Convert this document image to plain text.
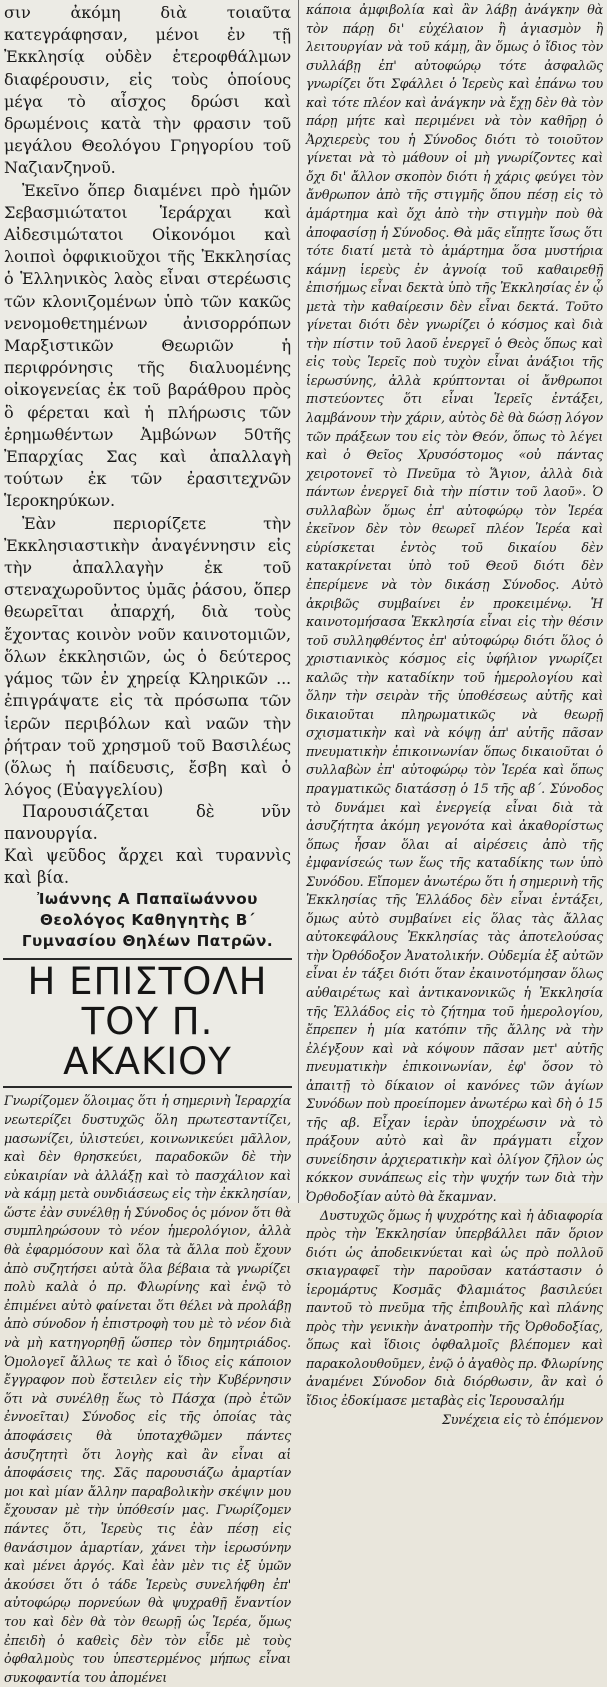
σιν ἀκόμη διὰ τοιαῦτα κατεγράφησαν, μένοι ἐν τῇ Ἐκκλησίᾳ οὐδὲν ἑτεροφθάλμων διαφέρουσιν, εἰς τοὺς ὁποίους μέγα τὸ αἶσχος δρώσι καὶ δρωμένοις κατὰ τὴν φρασιν τοῦ μεγάλου Θεολόγου Γρηγορίου τοῦ Ναζιανζηνοῦ.

Ἐκεῖνο ὅπερ διαμένει πρὸ ἡμῶν Σεβασμιώτατοι Ἱεράρχαι καὶ Αἰδεσιμώτατοι Οἰκονόμοι καὶ λοιποὶ ὀφφικιοῦχοι τῆς Ἐκκλησίας ὁ Ἑλληνικὸς λαὸς εἶναι στερέωσις τῶν κλονιζομένων ὑπὸ τῶν κακῶς νενομοθετημένων ἀνισορρόπων Μαρξιστικῶν Θεωριῶν ἡ περιφρόνησις τῆς διαλυομένης οἰκογενείας ἐκ τοῦ βαράθρου πρὸς ὃ φέρεται καὶ ἡ πλήρωσις τῶν ἐρημωθέντων Ἀμβώνων 50τῆς Ἐπαρχίας Σας καὶ ἀπαλλαγὴ τούτων ἐκ τῶν ἐρασιτεχνῶν Ἱεροκηρύκων.

Ἐὰν περιορίζετε τὴν Ἐκκλησιαστικὴν ἀναγέννησιν εἰς τὴν ἀπαλλαγὴν ἐκ τοῦ στεναχωροῦντος ὑμᾶς ῥάσου, ὅπερ θεωρεῖται ἀπαρχή, διὰ τοὺς ἔχοντας κοινὸν νοῦν καινοτομιῶν, ὅλων ἐκκλησιῶν, ὡς ὁ δεύτερος γάμος τῶν ἐν χηρείᾳ Κληρικῶν ... ἐπιγράψατε εἰς τὰ πρόσωπα τῶν ἱερῶν περιβόλων καὶ ναῶν τὴν ῥήτραν τοῦ χρησμοῦ τοῦ Βασιλέως (ὅλως ἡ παίδευσις, ἔσβη καὶ ὁ λόγος (Εὐαγγελίου)

Παρουσιάζεται δὲ νῦν πανουργία.

Καὶ ψεῦδος ἄρχει καὶ τυραννὶς καὶ βία.

Ἰωάννης Α Παπαϊωάννου Θεολόγος Καθηγητὴς Β΄ Γυμνασίου Θηλέων Πατρῶν.
Η ΕΠΙΣΤΟΛΗ ΤΟΥ Π. ΑΚΑΚΙΟΥ
Γνωρίζομεν ὅλοιμας ὅτι ἡ σημερινὴ Ἱεραρχία νεωτερίζει δυστυχῶς ὅλη πρωτεσταντίζει, μασωνίζει, ὑλιστεύει, κοινωνικεύει μᾶλλον, καὶ δὲν θρησκεύει, παραδοκῶν δὲ τὴν εὐκαιρίαν νὰ ἀλλάξῃ καὶ τὸ πασχάλιον καὶ νὰ κάμῃ μετὰ ουνδιάσεως εἰς τὴν ἐκκλησίαν, ὥστε ἐὰν συνέλθῃ ἡ Σύνοδος ὁς μόνον ὅτι θὰ συμπληρώσουν τὸ νέον ἡμερολόγιον, ἀλλὰ θὰ ἐφαρμόσουν καὶ ὅλα τὰ ἄλλα ποὺ ἔχουν ἀπὸ συζητήσει αὐτὰ ὅλα βέβαια τὰ γνωρίζει πολὺ καλὰ ὁ πρ. Φλωρίνης καὶ ἐνῷ τὸ ἐπιμένει αὐτὸ φαίνεται ὅτι θέλει νὰ προλάβῃ ἀπὸ σύνοδον ἡ ἐπιστροφὴ του μὲ τὸ νέον διὰ νὰ μὴ κατηγορηθῇ ὥσπερ τὸν δημητριάδος. Ὁμολογεῖ ἄλλως τε καὶ ὁ ἴδιος εἰς κάποιον ἔγγραφον ποὺ ἔστειλεν εἰς τὴν Κυβέρνησιν ὅτι νὰ συνέλθῃ ἕως τὸ Πάσχα (πρὸ ἐτῶν ἐννοεῖται) Σύνοδος εἰς τῆς ὁποίας τὰς ἀποφάσεις θὰ ὑποταχθῶμεν πάντες ἀσυζητητὶ ὅτι λογὴς καὶ ἂν εἶναι αἱ ἀποφάσεις της. Σᾶς παρουσιάζω ἀμαρτίαν μοι καὶ μίαν ἄλλην παραβολικὴν σκέψιν μου ἔχουσαν μὲ τὴν ὑπόθεσίν μας. Γνωρίζομεν πάντες ὅτι, Ἱερεὺς τις ἐὰν πέσῃ εἰς θανάσιμον ἁμαρτίαν, χάνει τὴν ἱερωσύνην καὶ μένει ἀργός. Καὶ ἐὰν μὲν τις ἐξ ὑμῶν ἀκούσει ὅτι ὁ τάδε Ἱερεὺς συνελήφθη ἐπ' αὐτοφώρῳ πορνεύων θὰ ψυχραθῇ ἔναντίον του καὶ δὲν θὰ τὸν θεωρῇ ὡς Ἱερέα, ὅμως ἐπειδὴ ὁ καθεὶς δὲν τὸν εἶδε μὲ τοὺς ὀφθαλμοὺς του ὑπεστερμένος μήπως εἶναι συκοφαντία του ἀπομένει

κάποια ἀμφιβολία καὶ ἂν λάβῃ ἀνάγκην θὰ τὸν πάρῃ δι' εὐχέλαιον ἢ ἁγιασμὸν ἢ λειτουργίαν νὰ τοῦ κάμῃ, ἂν ὅμως ὁ ἴδιος τὸν συλλάβῃ ἐπ' αὐτοφώρῳ τότε ἀσφαλῶς γνωρίζει ὅτι Σφάλλει ὁ Ἱερεὺς καὶ ἐπάνω του καὶ τότε πλέον καὶ ἀνάγκην νὰ ἔχῃ δὲν θὰ τὸν πάρῃ μήτε καὶ περιμένει νὰ τὸν καθῆρῃ ὁ Ἀρχιερεὺς του ἡ Σύνοδος διότι τὸ τοιοῦτον γίνεται νὰ τὸ μάθουν οἱ μὴ γνωρίζοντες καὶ ὄχι δι' ἄλλον σκοπὸν διότι ἡ χάρις φεύγει τὸν ἄνθρωπον ἀπὸ τῆς στιγμῆς ὅπου πέσῃ εἰς τὸ ἁμάρτημα καὶ ὄχι ἀπὸ τὴν στιγμὴν ποὺ θὰ ἀποφασίσῃ ἡ Σύνοδος. Θὰ μᾶς εἴπῃτε ἴσως ὅτι τότε διατί μετὰ τὸ ἁμάρτημα ὅσα μυστήρια κάμνῃ ἱερεὺς ἐν ἀγνοίᾳ τοῦ καθαιρεθῇ ἐπισήμως εἶναι δεκτὰ ὑπὸ τῆς Ἐκκλησίας ἐν ᾧ μετὰ τὴν καθαίρεσιν δὲν εἶναι δεκτά. Τοῦτο γίνεται διότι δὲν γνωρίζει ὁ κόσμος καὶ διὰ τὴν πίστιν τοῦ λαοῦ ἐνεργεῖ ὁ Θεὸς ὅπως καὶ εἰς τοὺς Ἱερεῖς ποὺ τυχὸν εἶναι ἀνάξιοι τῆς ἱερωσύνης, ἀλλὰ κρύπτονται οἱ ἄνθρωποι πιστεύοντες ὅτι εἶναι Ἱερεῖς ἐντάξει, λαμβάνουν τὴν χάριν, αὐτὸς δὲ θὰ δώσῃ λόγον τῶν πράξεων του εἰς τὸν Θεόν, ὅπως τὸ λέγει καὶ ὁ Θεῖος Χρυσόστομος «οὐ πάντας χειροτονεῖ τὸ Πνεῦμα τὸ Ἅγιον, ἀλλὰ διὰ πάντων ἐνεργεῖ διὰ τὴν πίστιν τοῦ λαοῦ». Ὁ συλλαβὼν ὅμως ἐπ' αὐτοφώρῳ τὸν Ἱερέα ἐκεῖνον δὲν τὸν θεωρεῖ πλέον Ἱερέα καὶ εὑρίσκεται ἐντὸς τοῦ δικαίου δὲν κατακρίνεται ὑπὸ τοῦ Θεοῦ διότι δὲν ἐπερίμενε νὰ τὸν δικάσῃ Σύνοδος. Αὐτὸ ἀκριβῶς συμβαίνει ἐν προκειμένῳ. Ἡ καινοτομήσασα Ἐκκλησία εἶναι εἰς τὴν θέσιν τοῦ συλληφθέντος ἐπ' αὐτοφώρῳ διότι ὅλος ὁ χριστιανικὸς κόσμος εἰς ὑφήλιον γνωρίζει καλῶς τὴν καταδίκην τοῦ ἡμερολογίου καὶ ὅλην τὴν σειρὰν τῆς ὑποθέσεως αὐτῆς καὶ δικαιοῦται πληρωματικῶς νὰ θεωρῇ σχισματικὴν καὶ νὰ κόψῃ ἀπ' αὐτῆς πᾶσαν πνευματικὴν ἐπικοινωνίαν ὅπως δικαιοῦται ὁ συλλαβὼν ἐπ' αὐτοφώρῳ τὸν Ἱερέα καὶ ὅπως πραγματικῶς διατάσσῃ ὁ 15 τῆς αβ΄. Σύνοδος τὸ δυνάμει καὶ ἐνεργείᾳ εἶναι διὰ τὰ ἀσυζήτητα ἀκόμη γεγονότα καὶ ἀκαθορίστως ὅπως ἦσαν ὅλαι αἱ αἱρέσεις ἀπὸ τῆς ἐμφανίσεώς των ἕως τῆς καταδίκης των ὑπὸ Συνόδου. Εἴπομεν ἀνωτέρω ὅτι ἡ σημερινὴ τῆς Ἐκκλησίας τῆς Ἑλλάδος δὲν εἶναι ἐντάξει, ὅμως αὐτὸ συμβαίνει εἰς ὅλας τὰς ἄλλας αὐτοκεφάλους Ἐκκλησίας τὰς ἀποτελούσας τὴν Ὀρθόδοξον Ἀνατολικήν. Οὐδεμία ἐξ αὐτῶν εἶναι ἐν τάξει διότι ὅταν ἐκαινοτόμησαν ὅλως αὐθαιρέτως καὶ ἀντικανονικῶς ἡ Ἐκκλησία τῆς Ἑλλάδος εἰς τὸ ζήτημα τοῦ ἡμερολογίου, ἔπρεπεν ἡ μία κατόπιν τῆς ἄλλης νὰ τὴν ἐλέγξουν καὶ νὰ κόψουν πᾶσαν μετ' αὐτῆς πνευματικὴν ἐπικοινωνίαν, ἐφ' ὅσον τὸ ἀπαιτῇ τὸ δίκαιον οἱ κανόνες τῶν ἁγίων Συνόδων ποὺ προείπομεν ἀνωτέρω καὶ δὴ ὁ 15 τῆς αβ. Εἶχαν ἱερὰν ὑποχρέωσιν νὰ τὸ πράξουν αὐτὸ καὶ ἂν πράγματι εἶχον συνείδησιν ἀρχιερατικὴν καὶ ὀλίγον ζῆλον ὡς κόκκον συνάπεως εἰς τὴν ψυχήν των διὰ τὴν Ὀρθοδοξίαν αὐτὸ θὰ ἔκαμναν.

Δυστυχῶς ὅμως ἡ ψυχρότης καὶ ἡ ἀδιαφορία πρὸς τὴν Ἐκκλησίαν ὑπερβάλλει πᾶν ὅριον διότι ὡς ἀποδεικνύεται καὶ ὡς πρὸ πολλοῦ σκιαγραφεῖ τὴν παροῦσαν κατάστασιν ὁ ἱερομάρτυς Κοσμᾶς Φλαμιάτος βασιλεύει παντοῦ τὸ πνεῦμα τῆς ἐπιβουλῆς καὶ πλάνης πρὸς τὴν γενικὴν ἀνατροπὴν τῆς Ὀρθοδοξίας, ὅπως καὶ ἴδιοις ὀφθαλμοῖς βλέπομεν καὶ παρακολουθοῦμεν, ἐνῷ ὁ ἀγαθὸς πρ. Φλωρίνης ἀναμένει Σύνοδον διὰ διόρθωσιν, ἂν καὶ ὁ ἴδιος ἐδοκίμασε μεταβὰς εἰς Ἱερουσαλήμ

Συνέχεια εἰς τὸ ἑπόμενον
